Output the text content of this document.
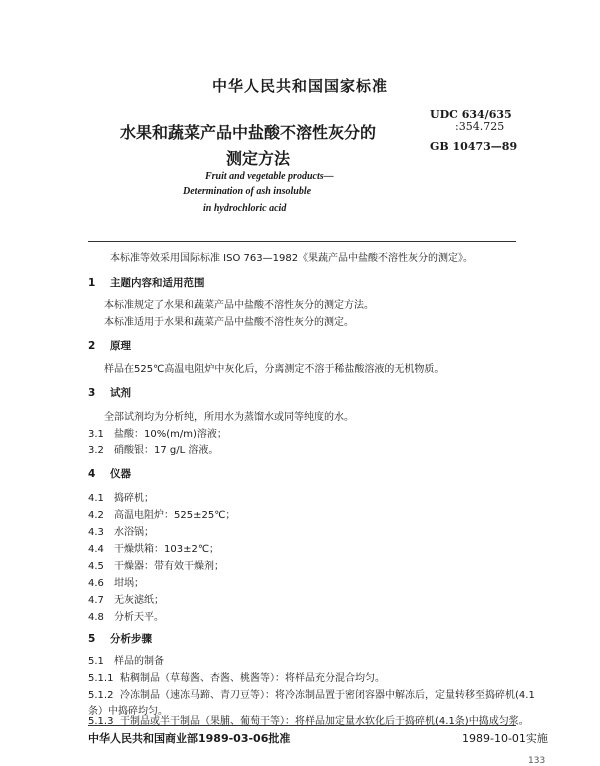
中华人民共和国国家标准
水果和蔬菜产品中盐酸不溶性灰分的
测定方法
UDC 634/635
:354.725
GB 10473—89
Fruit and vegetable products—
Determination of ash insoluble
in hydrochloric acid
本标准等效采用国际标准 ISO 763—1982《果蔬产品中盐酸不溶性灰分的测定》。
1 主题内容和适用范围
本标准规定了水果和蔬菜产品中盐酸不溶性灰分的测定方法。
本标准适用于水果和蔬菜产品中盐酸不溶性灰分的测定。
2 原理
样品在525℃高温电阻炉中灰化后，分离测定不溶于稀盐酸溶液的无机物质。
3 试剂
全部试剂均为分析纯，所用水为蒸馏水或同等纯度的水。
3.1 盐酸：10%(m/m)溶液；
3.2 硝酸银：17 g/L 溶液。
4 仪器
4.1 捣碎机；
4.2 高温电阻炉：525±25℃；
4.3 水浴锅；
4.4 干燥烘箱：103±2℃；
4.5 干燥器：带有效干燥剂；
4.6 坩埚；
4.7 无灰滤纸；
4.8 分析天平。
5 分析步骤
5.1 样品的制备
5.1.1 粘稠制品（草莓酱、杏酱、桃酱等）：将样品充分混合均匀。
5.1.2 冷冻制品（速冻马蹄、青刀豆等）：将冷冻制品置于密闭容器中解冻后，定量转移至捣碎机(4.1
条）中捣碎均匀。
5.1.3 干制品或半干制品（果脯、葡萄干等）：将样品加定量水软化后于捣碎机(4.1条)中捣成匀浆。
中华人民共和国商业部1989-03-06批准	1989-10-01实施
133
